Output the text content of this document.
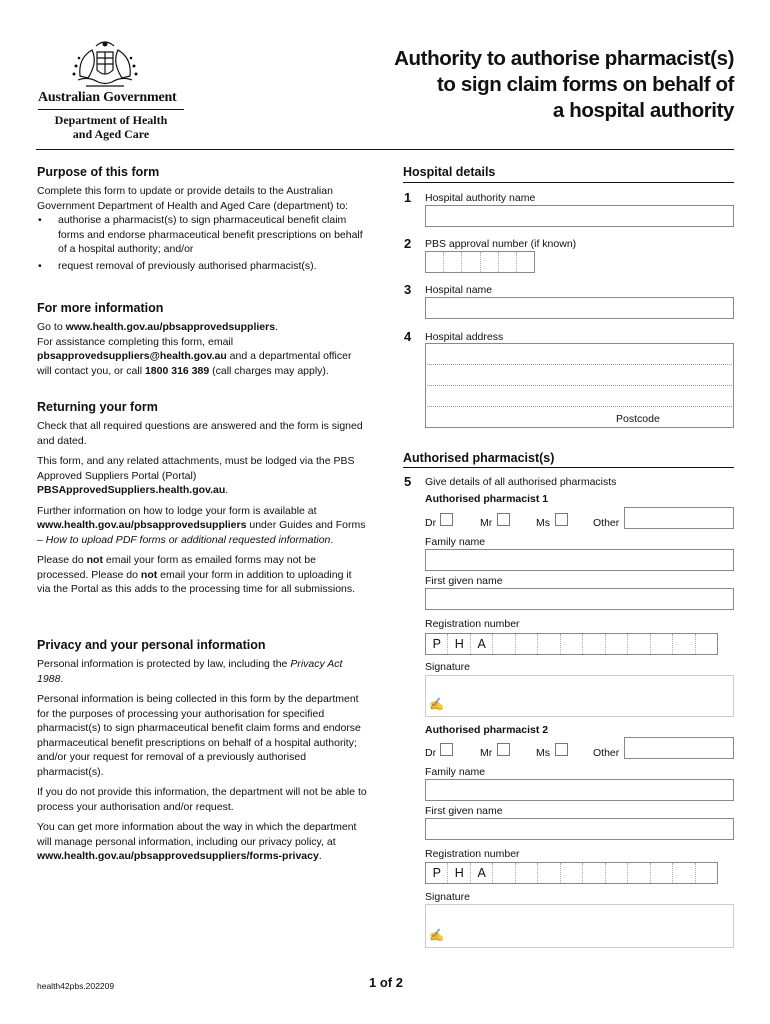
Australian Government
Department of Health
and Aged Care
Authority to authorise pharmacist(s)
to sign claim forms on behalf of
a hospital authority
Purpose of this form

Complete this form to update or provide details to the Australian Government Department of Health and Aged Care (department) to:

• authorise a pharmacist(s) to sign pharmaceutical benefit claim forms and endorse pharmaceutical benefit prescriptions on behalf of a hospital authority; and/or
• request removal of previously authorised pharmacist(s).
For more information

Go to www.health.gov.au/pbsapprovedsuppliers.
For assistance completing this form, email
pbsapprovedsuppliers@health.gov.au and a departmental officer will contact you, or call 1800 316 389 (call charges may apply).

Returning your form

Check that all required questions are answered and the form is signed and dated.

This form, and any related attachments, must be lodged via the PBS Approved Suppliers Portal (Portal)
PBSApprovedSuppliers.health.gov.au.

Further information on how to lodge your form is available at
www.health.gov.au/pbsapprovedsuppliers under Guides and Forms – How to upload PDF forms or additional requested information.

Please do not email your form as emailed forms may not be processed. Please do not email your form in addition to uploading it via the Portal as this adds to the processing time for all submissions.

Privacy and your personal information

Personal information is protected by law, including the Privacy Act 1988.

Personal information is being collected in this form by the department for the purposes of processing your authorisation for specified pharmacist(s) to sign pharmaceutical benefit claim forms and endorse pharmaceutical benefit prescriptions on behalf of a hospital authority; and/or your request for removal of a previously authorised pharmacist(s).

If you do not provide this information, the department will not be able to process your authorisation and/or request.

You can get more information about the way in which the department will manage personal information, including our privacy policy, at
www.health.gov.au/pbsapprovedsuppliers/forms-privacy.

Hospital details
1 Hospital authority name
2 PBS approval number (if known)
3 Hospital name
4 Hospital address
Postcode
Authorised pharmacist(s)
5 Give details of all authorised pharmacists
Authorised pharmacist 1
Dr	Mr	Ms	Other
Family name
First given name
Registration number
P	H	A
Signature
✍
Authorised pharmacist 2
Dr	Mr	Ms	Other
Family name
First given name
Registration number
P	H	A
Signature
✍
health42pbs.202209	1 of 2
